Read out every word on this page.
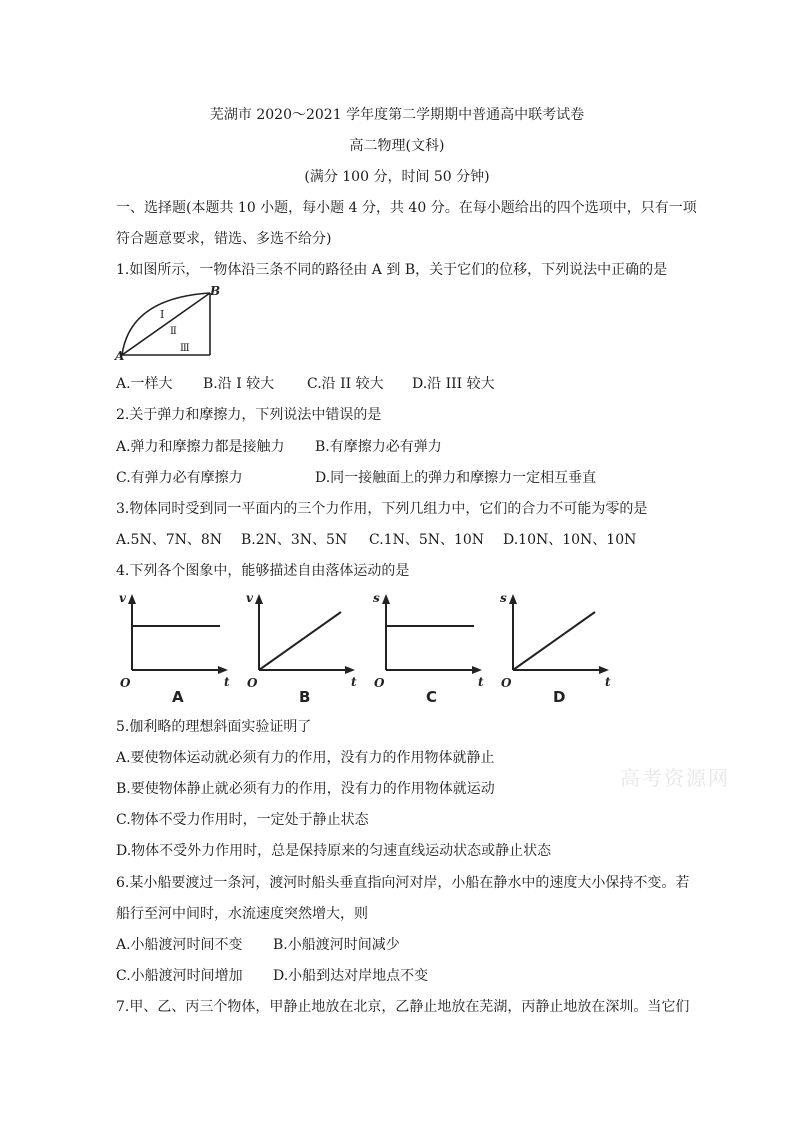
芜湖市 2020～2021 学年度第二学期期中普通高中联考试卷
高二物理(文科)
(满分 100 分，时间 50 分钟)
一、选择题(本题共 10 小题，每小题 4 分，共 40 分。在每小题给出的四个选项中，只有一项
符合题意要求，错选、多选不给分)
1.如图所示，一物体沿三条不同的路径由 A 到 B，关于它们的位移，下列说法中正确的是
A
B
Ⅰ
Ⅱ
Ⅲ
A.一样大 B.沿 I 较大 C.沿 II 较大 D.沿 III 较大
2.关于弹力和摩擦力，下列说法中错误的是
A.弹力和摩擦力都是接触力 B.有摩擦力必有弹力
C.有弹力必有摩擦力	D.同一接触面上的弹力和摩擦力一定相互垂直
3.物体同时受到同一平面内的三个力作用，下列几组力中，它们的合力不可能为零的是
A.5N、7N、8N B.2N、3N、5N C.1N、5N、10N D.10N、10N、10N
4.下列各个图象中，能够描述自由落体运动的是
v
t
O
A
v
t
O
B
s
t
O
C
s
t
O
D
5.伽利略的理想斜面实验证明了
A.要使物体运动就必须有力的作用，没有力的作用物体就静止
B.要使物体静止就必须有力的作用，没有力的作用物体就运动
C.物体不受力作用时，一定处于静止状态
D.物体不受外力作用时，总是保持原来的匀速直线运动状态或静止状态
6.某小船要渡过一条河，渡河时船头垂直指向河对岸，小船在静水中的速度大小保持不变。若
船行至河中间时，水流速度突然增大，则
A.小船渡河时间不变 B.小船渡河时间减少
C.小船渡河时间增加 D.小船到达对岸地点不变
7.甲、乙、丙三个物体，甲静止地放在北京，乙静止地放在芜湖，丙静止地放在深圳。当它们
高考资源网
